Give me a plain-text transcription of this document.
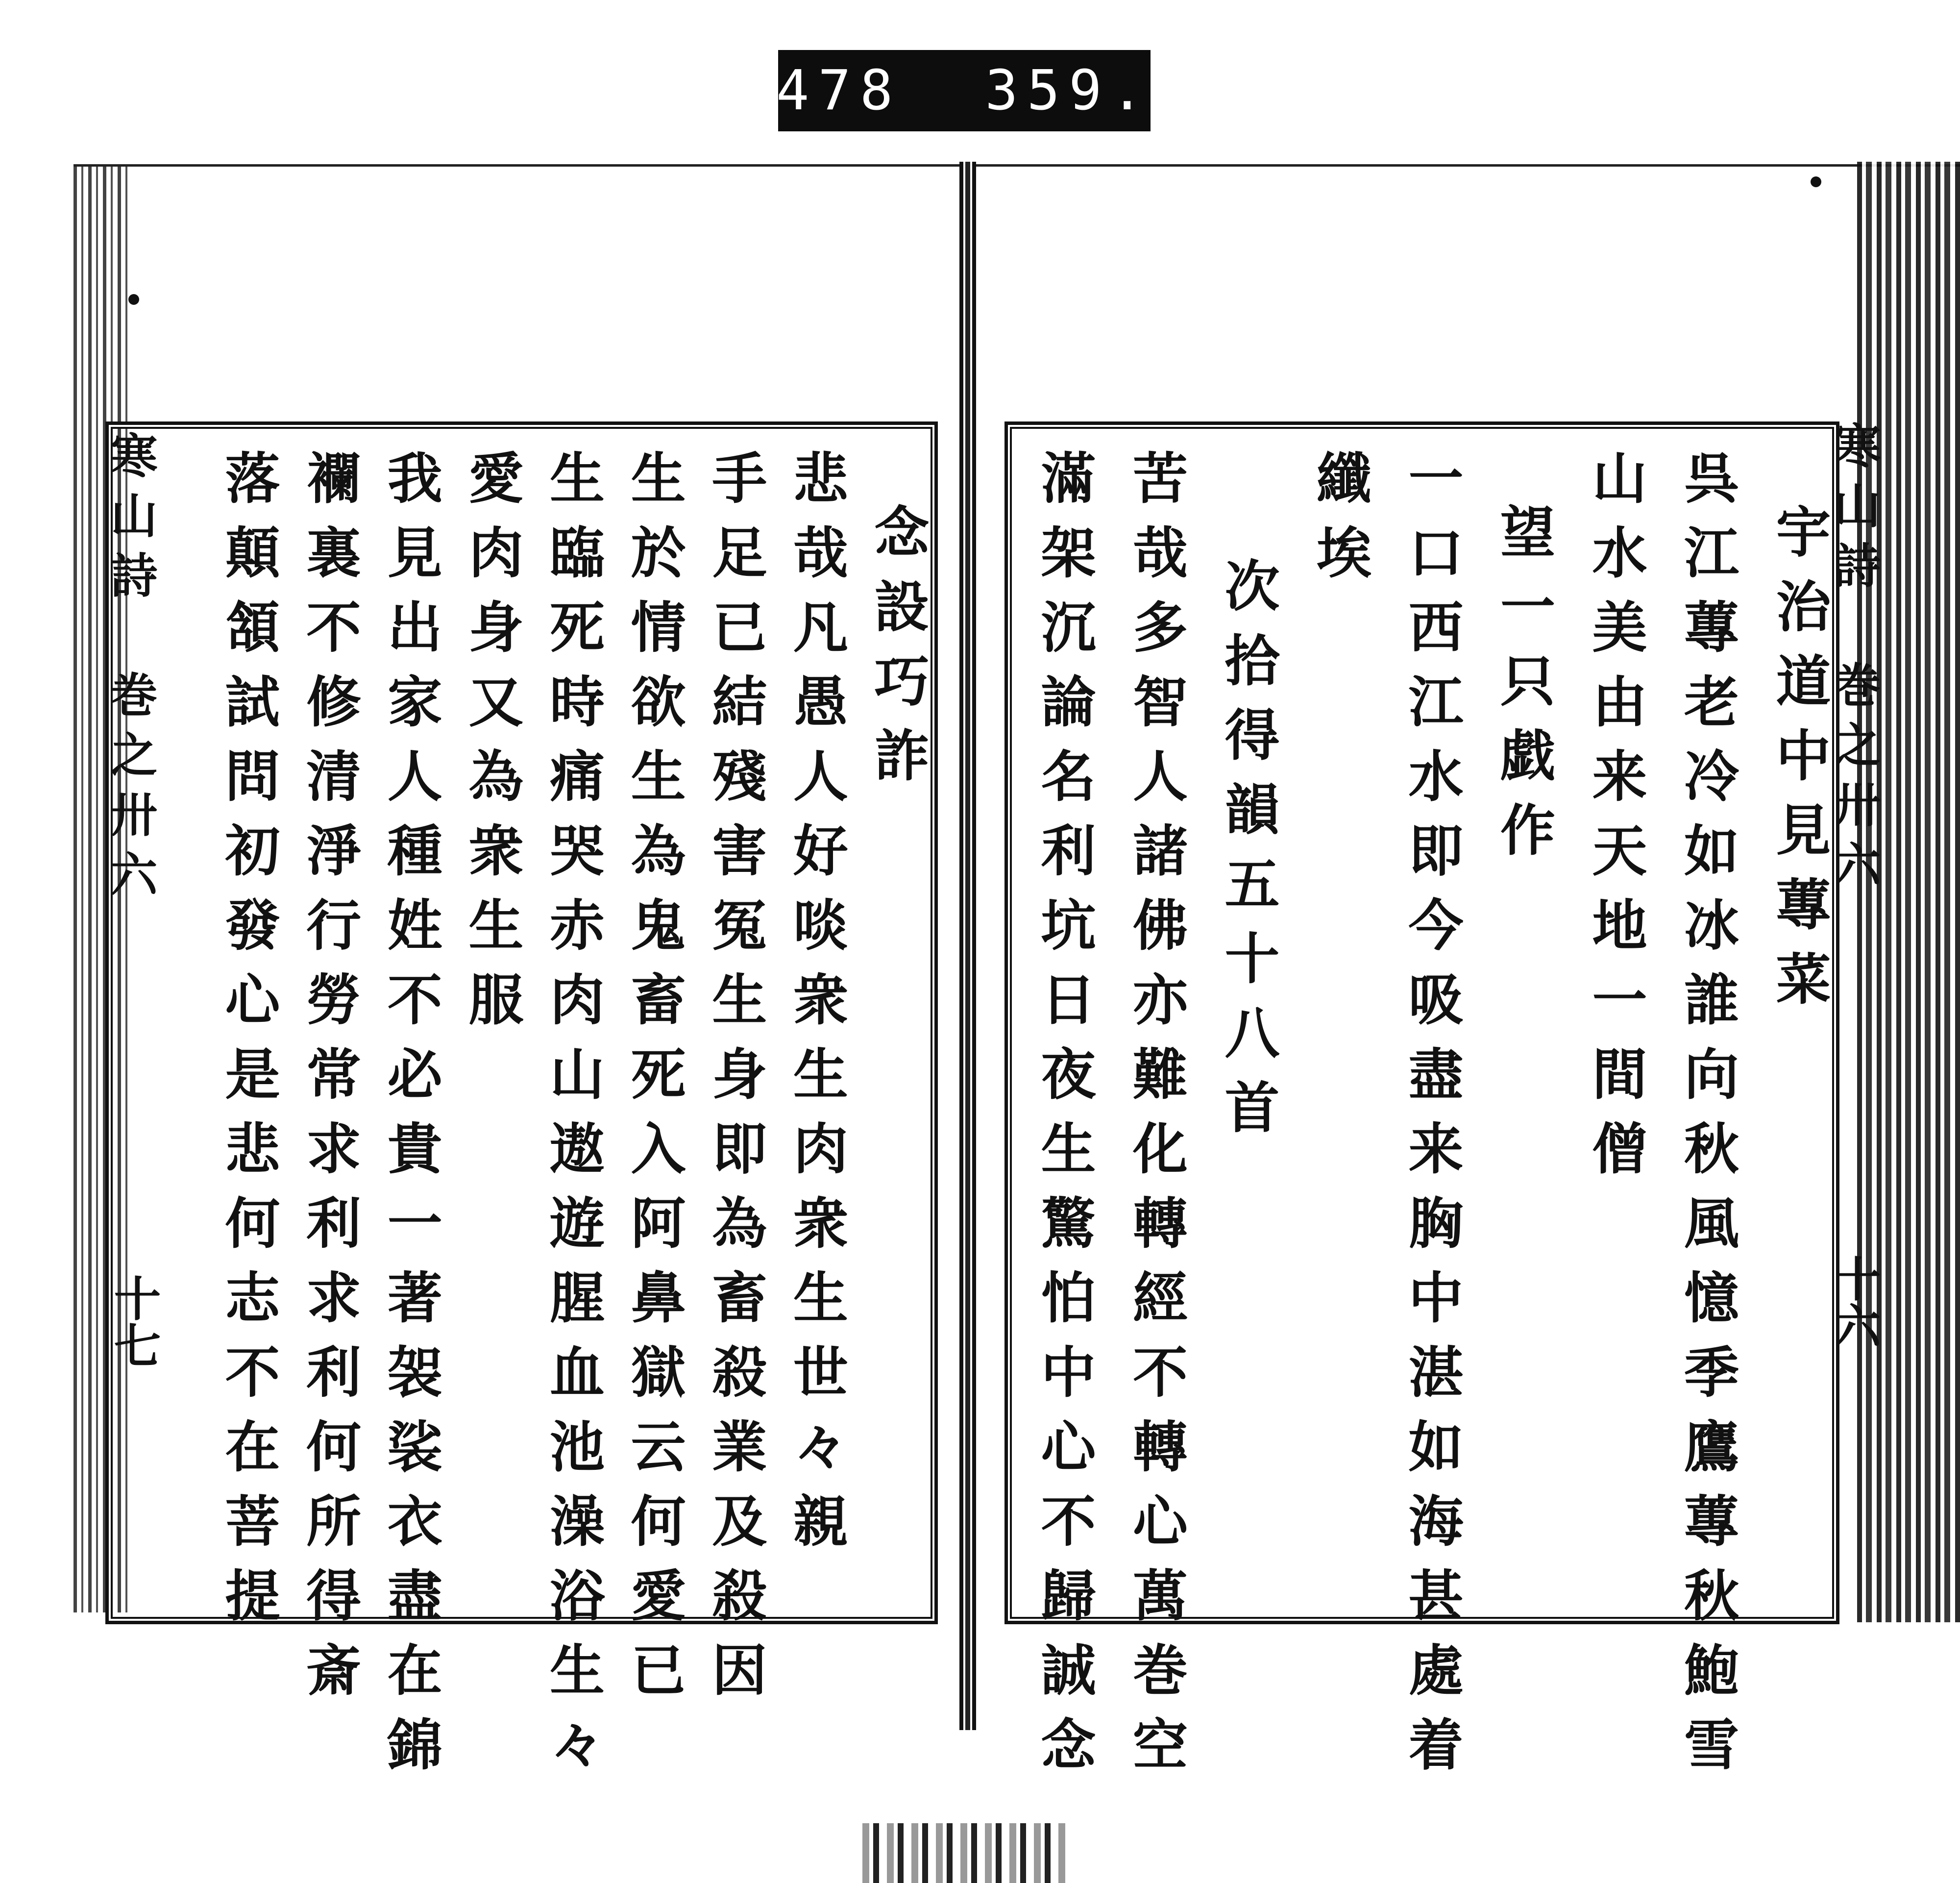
478 359.
寒山詩　巻之卅六
十七
念設巧詐
悲哉凡愚人好啖衆生肉衆生世々親
手足已結殘害冤生身即為畜殺業及殺因
生於情欲生為鬼畜死入阿鼻獄云何愛已
生臨死時痛哭赤肉山遨遊腥血池澡浴生々
愛肉身又為衆生服
我見出家人種姓不必貴一著袈裟衣盡在錦
襴裏不修清淨行勞常求利求利何所得斎
落顛頷試問初發心是悲何志不在菩提	寒山詩　巻之卅六
十六
宇治道中見蓴菜
呉江蓴老冷如冰誰向秋風憶季鷹蓴秋鮑雪
山水美由来天地一間僧
望一只戯作
一口西江水即今吸盡来胸中湛如海甚處着
纖埃
次拾得韻五十八首
苦哉多智人諸佛亦難化轉經不轉心萬巻空
滿架沉論名利坑日夜生驚怕中心不歸誠念
